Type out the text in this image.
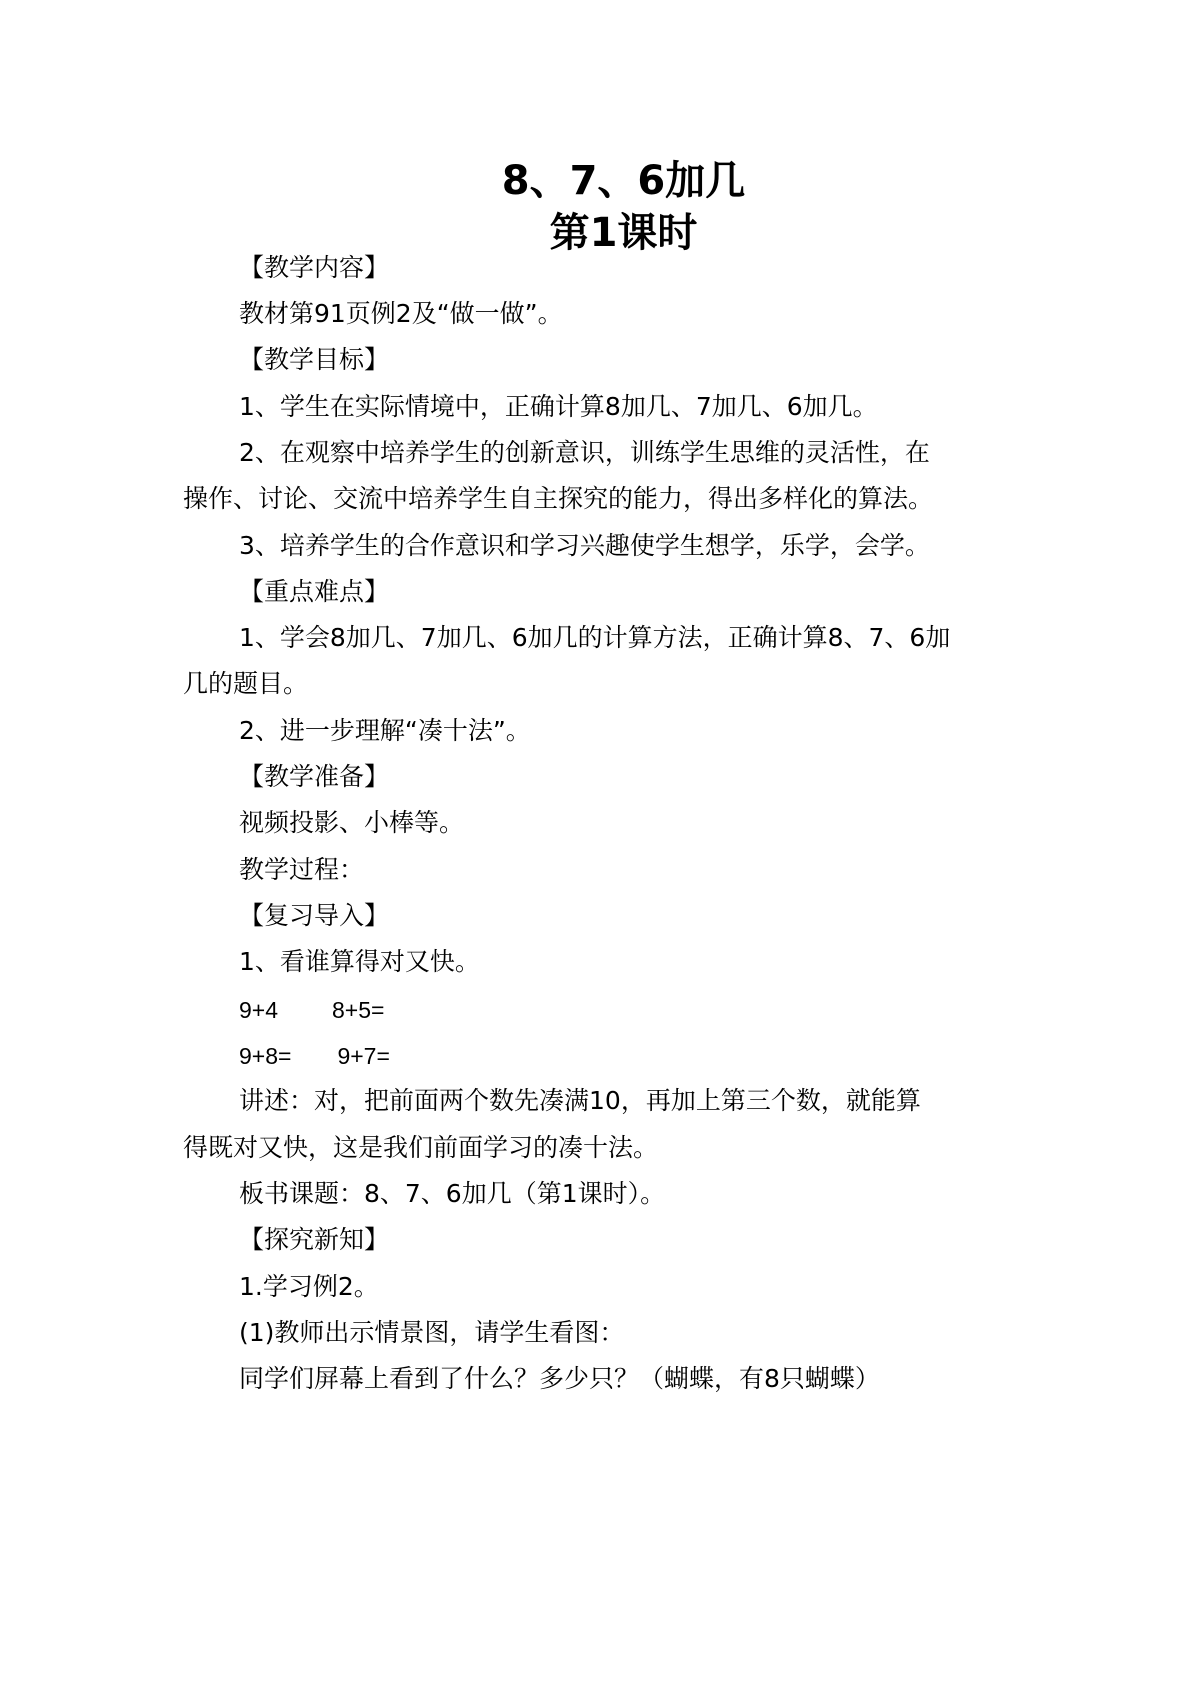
8、7、6加几
第1课时

【教学内容】

教材第91页例2及“做一做”。

【教学目标】

1、学生在实际情境中，正确计算8加几、7加几、6加几。

2、在观察中培养学生的创新意识，训练学生思维的灵活性，在

操作、讨论、交流中培养学生自主探究的能力，得出多样化的算法。

3、培养学生的合作意识和学习兴趣使学生想学，乐学，会学。

【重点难点】

1、学会8加几、7加几、6加几的计算方法，正确计算8、7、6加

几的题目。

2、进一步理解“凑十法”。

【教学准备】

视频投影、小棒等。

教学过程：

【复习导入】

1、看谁算得对又快。

9+4 8+5=

9+8= 9+7=

讲述：对，把前面两个数先凑满10，再加上第三个数，就能算

得既对又快，这是我们前面学习的凑十法。

板书课题：8、7、6加几（第1课时）。

【探究新知】

1.学习例2。

(1)教师出示情景图，请学生看图：

同学们屏幕上看到了什么？多少只？（蝴蝶，有8只蝴蝶）
